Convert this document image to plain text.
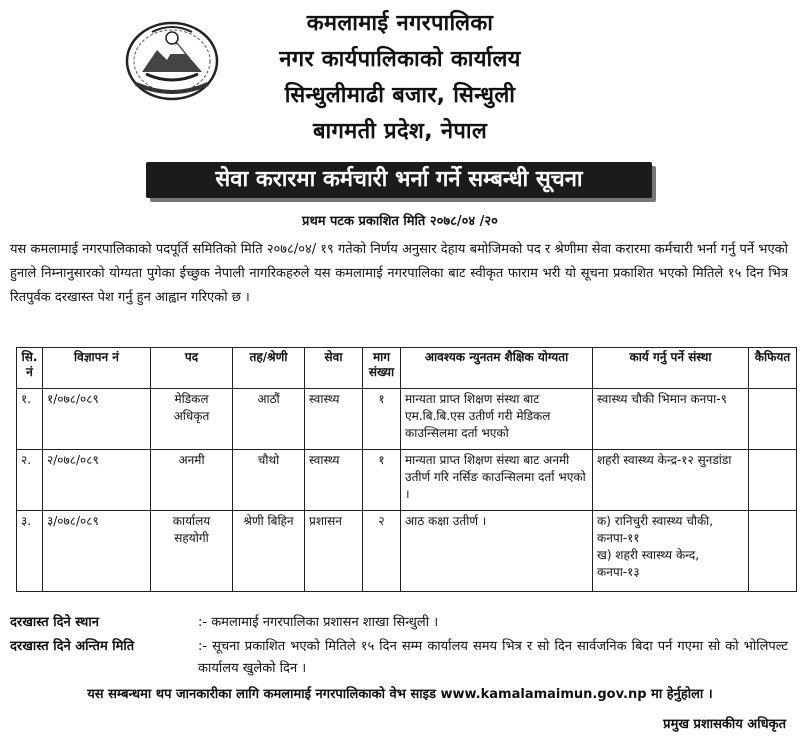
कमलामाई नगरपालिका
नगर कार्यपालिकाको कार्यालय
सिन्धुलीमाढी बजार, सिन्धुली
बागमती प्रदेश, नेपाल
सेवा करारमा कर्मचारी भर्ना गर्ने सम्बन्धी सूचना
प्रथम पटक प्रकाशित मिति २०७८/०४ /२०

यस कमलामाई नगरपालिकाको पदपूर्ति समितिको मिति २०७८/०४/ १९ गतेको निर्णय अनुसार देहाय बमोजिमको पद र श्रेणीमा सेवा करारमा कर्मचारी भर्ना गर्नु पर्ने भएको हुनाले निम्नानुसारको योग्यता पुगेका ईच्छुक नेपाली नागरिकहरुले यस कमलामाई नगरपालिका बाट स्वीकृत फाराम भरी यो सूचना प्रकाशित भएको मितिले १५ दिन भित्र रितपुर्वक दरखास्त पेश गर्नु हुन आह्वान गरिएको छ ।

सि. नं	विज्ञापन नं	पद	तह/श्रेणी	सेवा	माग संख्या	आवश्यक न्युनतम शैक्षिक योग्यता	कार्य गर्नु पर्ने संस्था	कैफियत
१.	१/०७८/०८९	मेडिकल अधिकृत	आठौं	स्वास्थ्य	१	मान्यता प्राप्त शिक्षण संस्था बाट एम.बि.बि.एस उतीर्ण गरी मेडिकल काउन्सिलमा दर्ता भएको	स्वास्थ्य चौकी भिमान कनपा-९	
२.	२/०७८/०८९	अनमी	चौथो	स्वास्थ्य	१	मान्यता प्राप्त शिक्षण संस्था बाट अनमी उतीर्ण गरि नर्सिङ काउन्सिलमा दर्ता भएको ।	शहरी स्वास्थ्य केन्द्र-१२ सुनडांडा	
३.	३/०७८/०८९	कार्यालय सहयोगी	श्रेणी बिहिन	प्रशासन	२	आठ कक्षा उतीर्ण ।	क) रानिचुरी स्वास्थ्य चौकी, कनपा-११
ख) शहरी स्वास्थ्य केन्द, कनपा-१३	

दरखास्त दिने स्थान	:- कमलामाई नगरपालिका प्रशासन शाखा सिन्धुली ।
दरखास्त दिने अन्तिम मिति	:- सूचना प्रकाशित भएको मितिले १५ दिन सम्म कार्यालय समय भित्र र सो दिन सार्वजनिक बिदा पर्न गएमा सो को भोलिपल्ट कार्यालय खुलेको दिन ।
यस सम्बन्धमा थप जानकारीका लागि कमलामाई नगरपालिकाको वेभ साइड www.kamalamaimun.gov.np मा हेर्नुहोला ।
प्रमुख प्रशासकीय अधिकृत
